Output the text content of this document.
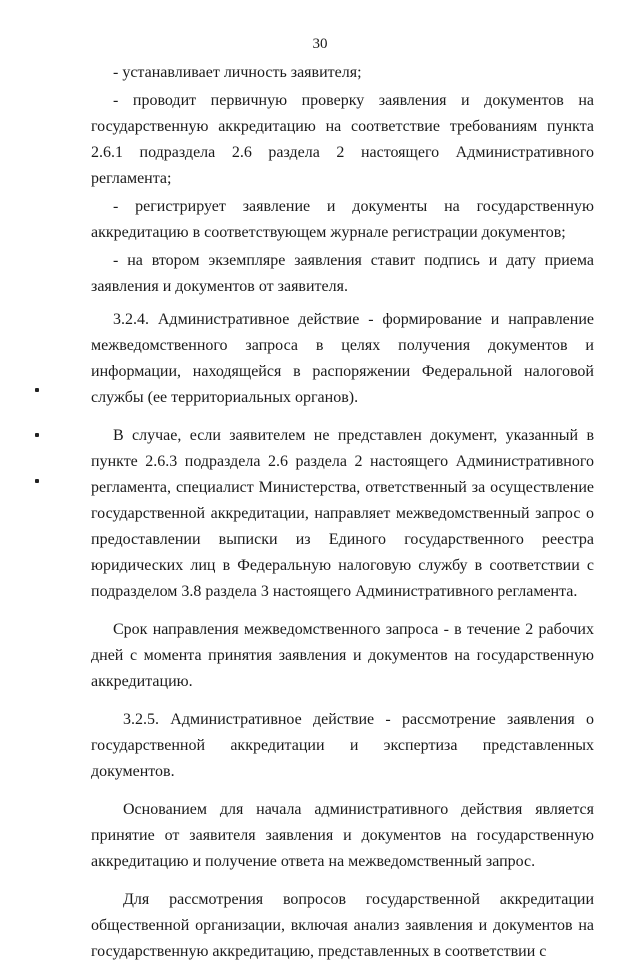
30

- устанавливает личность заявителя;

- проводит первичную проверку заявления и документов на государственную аккредитацию на соответствие требованиям пункта 2.6.1 подраздела 2.6 раздела 2 настоящего Административного регламента;

- регистрирует заявление и документы на государственную аккредитацию в соответствующем журнале регистрации документов;

- на втором экземпляре заявления ставит подпись и дату приема заявления и документов от заявителя.

3.2.4. Административное действие - формирование и направление межведомственного запроса в целях получения документов и информации, находящейся в распоряжении Федеральной налоговой службы (ее территориальных органов).

В случае, если заявителем не представлен документ, указанный в пункте 2.6.3 подраздела 2.6 раздела 2 настоящего Административного регламента, специалист Министерства, ответственный за осуществление государственной аккредитации, направляет межведомственный запрос о предоставлении выписки из Единого государственного реестра юридических лиц в Федеральную налоговую службу в соответствии с подразделом 3.8 раздела 3 настоящего Административного регламента.

Срок направления межведомственного запроса - в течение 2 рабочих дней с момента принятия заявления и документов на государственную аккредитацию.

3.2.5. Административное действие - рассмотрение заявления о государственной аккредитации и экспертиза представленных документов.

Основанием для начала административного действия является принятие от заявителя заявления и документов на государственную аккредитацию и получение ответа на межведомственный запрос.

Для рассмотрения вопросов государственной аккредитации общественной организации, включая анализ заявления и документов на государственную аккредитацию, представленных в соответствии с
